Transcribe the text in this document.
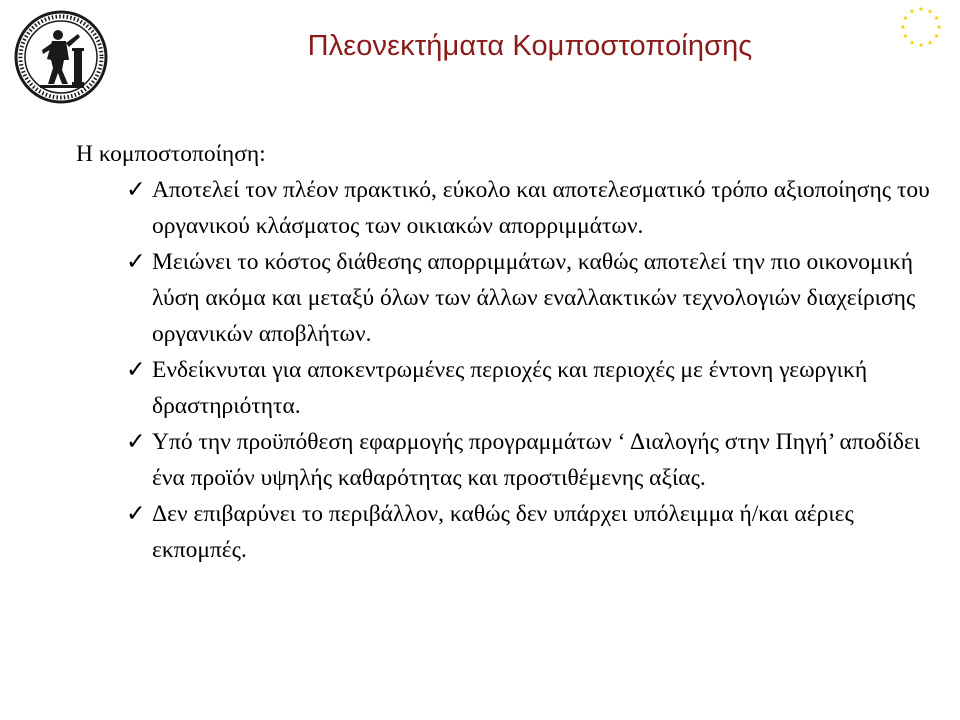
Πλεονεκτήματα Κομποστοποίησης

Η κομποστοποίηση:

✓ Αποτελεί τον πλέον πρακτικό, εύκολο και αποτελεσματικό τρόπο αξιοποίησης του οργανικού κλάσματος των οικιακών απορριμμάτων.
✓ Μειώνει το κόστος διάθεσης απορριμμάτων, καθώς αποτελεί την πιο οικονομική λύση ακόμα και μεταξύ όλων των άλλων εναλλακτικών τεχνολογιών διαχείρισης οργανικών αποβλήτων.
✓ Ενδείκνυται για αποκεντρωμένες περιοχές και περιοχές με έντονη γεωργική δραστηριότητα.
✓ Υπό την προϋπόθεση εφαρμογής προγραμμάτων ‘ Διαλογής στην Πηγή’ αποδίδει ένα προϊόν υψηλής καθαρότητας και προστιθέμενης αξίας.
✓ Δεν επιβαρύνει το περιβάλλον, καθώς δεν υπάρχει υπόλειμμα ή/και αέριες εκπομπές.
